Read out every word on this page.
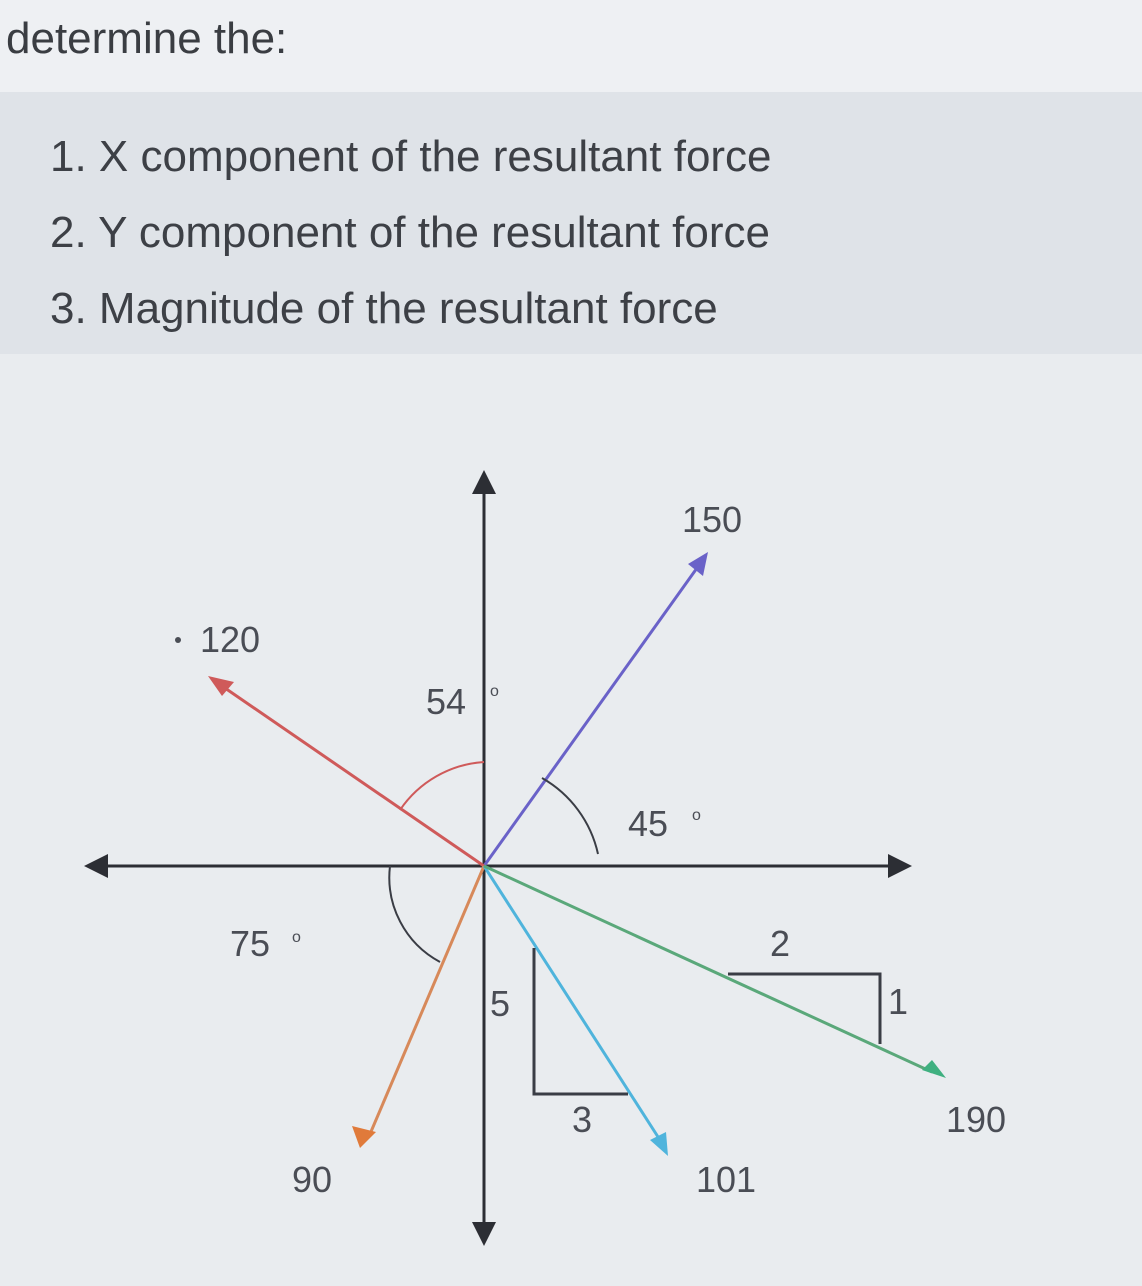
determine the:
1. X component of the resultant force
2. Y component of the resultant force
3. Magnitude of the resultant force
150
120
90	101
190
54 o
45 o
75 o
5
3
2
1
